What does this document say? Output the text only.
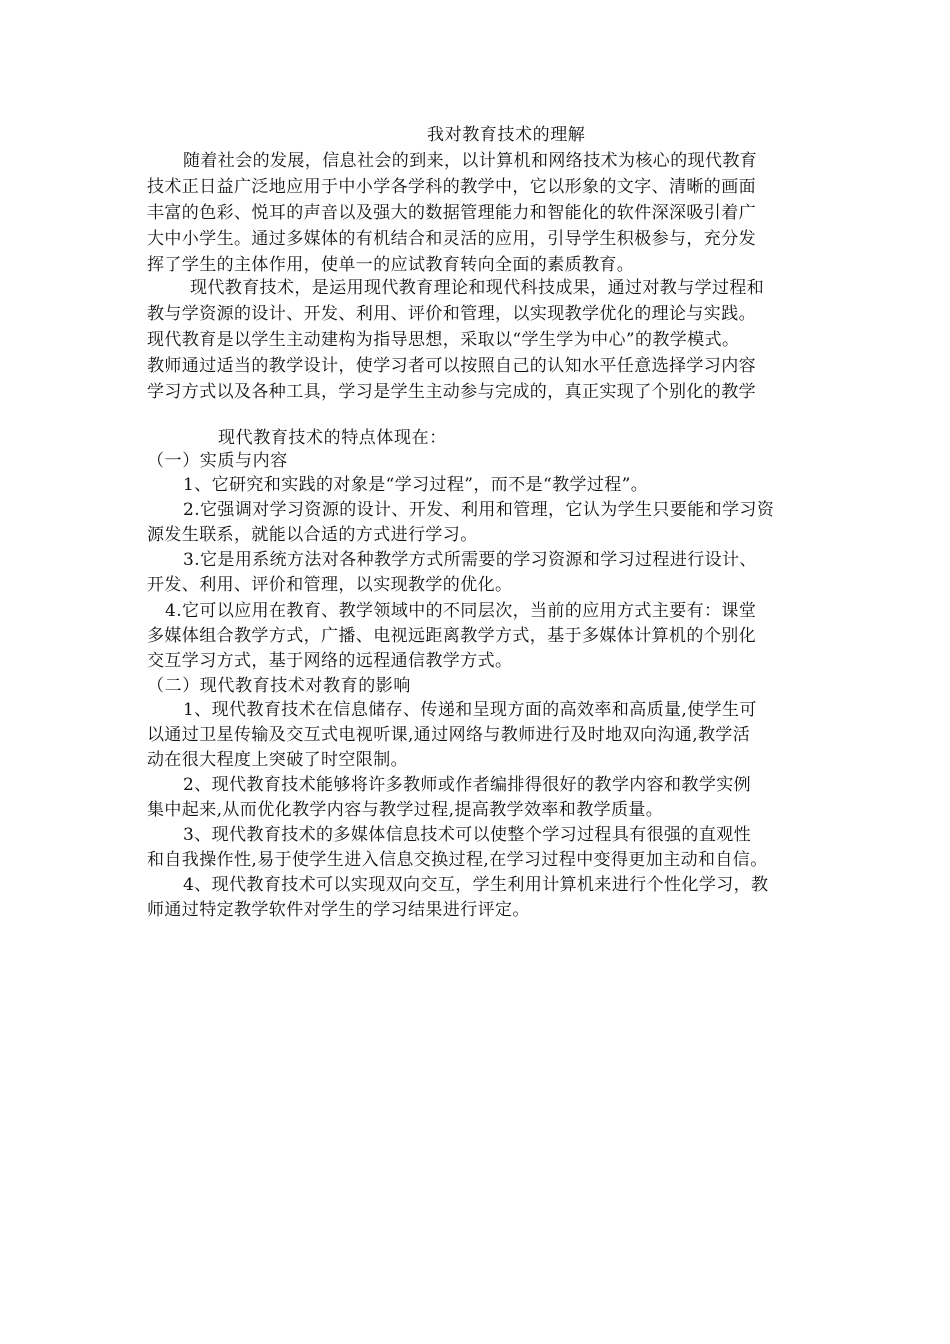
我对教育技术的理解
随着社会的发展，信息社会的到来，以计算机和网络技术为核心的现代教育
技术正日益广泛地应用于中小学各学科的教学中，它以形象的文字、清晰的画面
丰富的色彩、悦耳的声音以及强大的数据管理能力和智能化的软件深深吸引着广
大中小学生。通过多媒体的有机结合和灵活的应用，引导学生积极参与，充分发
挥了学生的主体作用，使单一的应试教育转向全面的素质教育。
现代教育技术，是运用现代教育理论和现代科技成果，通过对教与学过程和
教与学资源的设计、开发、利用、评价和管理，以实现教学优化的理论与实践。
现代教育是以学生主动建构为指导思想，采取以“学生学为中心”的教学模式。
教师通过适当的教学设计，使学习者可以按照自己的认知水平任意选择学习内容
学习方式以及各种工具，学习是学生主动参与完成的，真正实现了个别化的教学
现代教育技术的特点体现在：
（一）实质与内容
1、它研究和实践的对象是“学习过程”，而不是“教学过程”。
2.它强调对学习资源的设计、开发、利用和管理，它认为学生只要能和学习资
源发生联系，就能以合适的方式进行学习。
3.它是用系统方法对各种教学方式所需要的学习资源和学习过程进行设计、
开发、利用、评价和管理，以实现教学的优化。
4.它可以应用在教育、教学领域中的不同层次，当前的应用方式主要有：课堂
多媒体组合教学方式，广播、电视远距离教学方式，基于多媒体计算机的个别化
交互学习方式，基于网络的远程通信教学方式。
（二）现代教育技术对教育的影响
1、现代教育技术在信息储存、传递和呈现方面的高效率和高质量,使学生可
以通过卫星传输及交互式电视听课,通过网络与教师进行及时地双向沟通,教学活
动在很大程度上突破了时空限制。
2、现代教育技术能够将许多教师或作者编排得很好的教学内容和教学实例
集中起来,从而优化教学内容与教学过程,提高教学效率和教学质量。
3、现代教育技术的多媒体信息技术可以使整个学习过程具有很强的直观性
和自我操作性,易于使学生进入信息交换过程,在学习过程中变得更加主动和自信。
4、现代教育技术可以实现双向交互，学生利用计算机来进行个性化学习，教
师通过特定教学软件对学生的学习结果进行评定。
